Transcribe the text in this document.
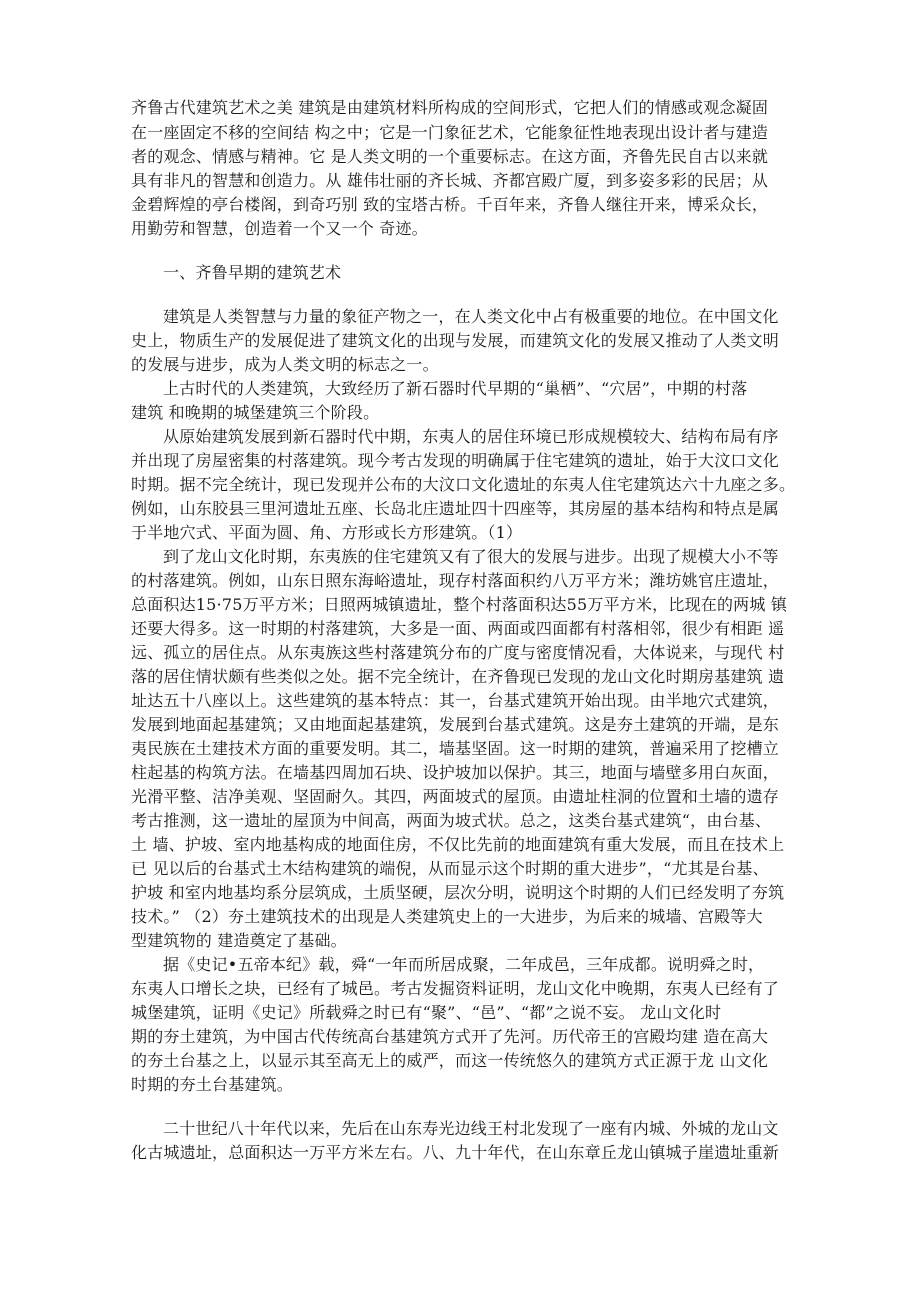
齐鲁古代建筑艺术之美 建筑是由建筑材料所构成的空间形式，它把人们的情感或观念凝固
在一座固定不移的空间结 构之中；它是一门象征艺术，它能象征性地表现出设计者与建造
者的观念、情感与精神。它 是人类文明的一个重要标志。在这方面，齐鲁先民自古以来就
具有非凡的智慧和创造力。从 雄伟壮丽的齐长城、齐都宫殿广厦，到多姿多彩的民居；从
金碧辉煌的亭台楼阁，到奇巧别 致的宝塔古桥。千百年来，齐鲁人继往开来，博采众长，
用勤劳和智慧，创造着一个又一个 奇迹。
一、齐鲁早期的建筑艺术
建筑是人类智慧与力量的象征产物之一，在人类文化中占有极重要的地位。在中国文化
史上，物质生产的发展促进了建筑文化的出现与发展，而建筑文化的发展又推动了人类文明
的发展与进步，成为人类文明的标志之一。
上古时代的人类建筑，大致经历了新石器时代早期的“巢栖”、“穴居”，中期的村落
建筑 和晚期的城堡建筑三个阶段。
从原始建筑发展到新石器时代中期，东夷人的居住环境已形成规模较大、结构布局有序
并出现了房屋密集的村落建筑。现今考古发现的明确属于住宅建筑的遗址，始于大汶口文化
时期。据不完全统计，现已发现并公布的大汶口文化遗址的东夷人住宅建筑达六十九座之多。
例如，山东胶县三里河遗址五座、长岛北庄遗址四十四座等，其房屋的基本结构和特点是属
于半地穴式、平面为圆、角、方形或长方形建筑。（1）
到了龙山文化时期，东夷族的住宅建筑又有了很大的发展与进步。出现了规模大小不等
的村落建筑。例如，山东日照东海峪遗址，现存村落面积约八万平方米；潍坊姚官庄遗址，
总面积达15·75万平方米；日照两城镇遗址，整个村落面积达55万平方米，比现在的两城 镇
还要大得多。这一时期的村落建筑，大多是一面、两面或四面都有村落相邻，很少有相距 遥
远、孤立的居住点。从东夷族这些村落建筑分布的广度与密度情况看，大体说来，与现代 村
落的居住情状颇有些类似之处。据不完全统计，在齐鲁现已发现的龙山文化时期房基建筑 遗
址达五十八座以上。这些建筑的基本特点：其一，台基式建筑开始出现。由半地穴式建筑，
发展到地面起基建筑；又由地面起基建筑，发展到台基式建筑。这是夯土建筑的开端，是东
夷民族在土建技术方面的重要发明。其二，墙基坚固。这一时期的建筑，普遍采用了挖槽立
柱起基的构筑方法。在墙基四周加石块、设护坡加以保护。其三，地面与墙壁多用白灰面，
光滑平整、洁净美观、坚固耐久。其四，两面坡式的屋顶。由遗址柱洞的位置和土墙的遗存
考古推测，这一遗址的屋顶为中间高，两面为坡式状。总之，这类台基式建筑“，由台基、
土 墙、护坡、室内地基构成的地面住房，不仅比先前的地面建筑有重大发展，而且在技术上
已 见以后的台基式土木结构建筑的端倪，从而显示这个时期的重大进步”，“尤其是台基、
护坡 和室内地基均系分层筑成，土质坚硬，层次分明，说明这个时期的人们已经发明了夯筑
技术。” （2）夯土建筑技术的出现是人类建筑史上的一大进步，为后来的城墙、宫殿等大
型建筑物的 建造奠定了基础。
据《史记•五帝本纪》载，舜“一年而所居成聚，二年成邑，三年成都。说明舜之时，
东夷人口增长之块，已经有了城邑。考古发掘资料证明，龙山文化中晚期，东夷人已经有了
城堡建筑，证明《史记》所载舜之时已有“聚”、“邑”、“都”之说不妄。 龙山文化时
期的夯土建筑，为中国古代传统高台基建筑方式开了先河。历代帝王的宫殿均建 造在高大
的夯土台基之上，以显示其至高无上的威严，而这一传统悠久的建筑方式正源于龙 山文化
时期的夯土台基建筑。
二十世纪八十年代以来，先后在山东寿光边线王村北发现了一座有内城、外城的龙山文
化古城遗址，总面积达一万平方米左右。八、九十年代，在山东章丘龙山镇城子崖遗址重新
